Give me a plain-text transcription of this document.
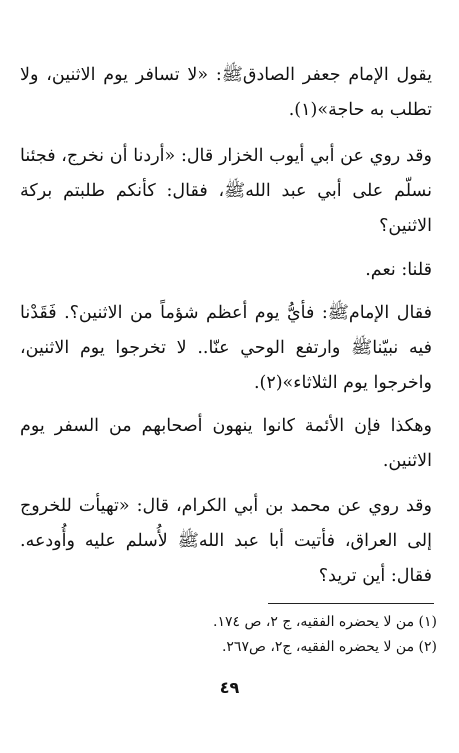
يقول الإمام جعفر الصادقﷺ: «لا تسافر يوم الاثنين، ولا تطلب به حاجة»(١).

وقد روي عن أبي أيوب الخزار قال: «أردنا أن نخرج، فجئنا نسلّم على أبي عبد اللهﷺ، فقال: كأنكم طلبتم بركة الاثنين؟

قلنا: نعم.

فقال الإمامﷺ: فأيُّ يوم أعظم شؤماً من الاثنين؟. فَقَدْنا فيه نبيّناﷺ وارتفع الوحي عنّا.. لا تخرجوا يوم الاثنين، واخرجوا يوم الثلاثاء»(٢).

وهكذا فإن الأئمة كانوا ينهون أصحابهم من السفر يوم الاثنين.

وقد روي عن محمد بن أبي الكرام، قال: «تهيأت للخروج إلى العراق، فأتيت أبا عبد اللهﷺ لأُسلم عليه وأُودعه. فقال: أين تريد؟

(١) من لا يحضره الفقيه، ج ٢، ص ١٧٤.
(٢) من لا يحضره الفقيه، ج٢، ص٢٦٧.
٤٩
